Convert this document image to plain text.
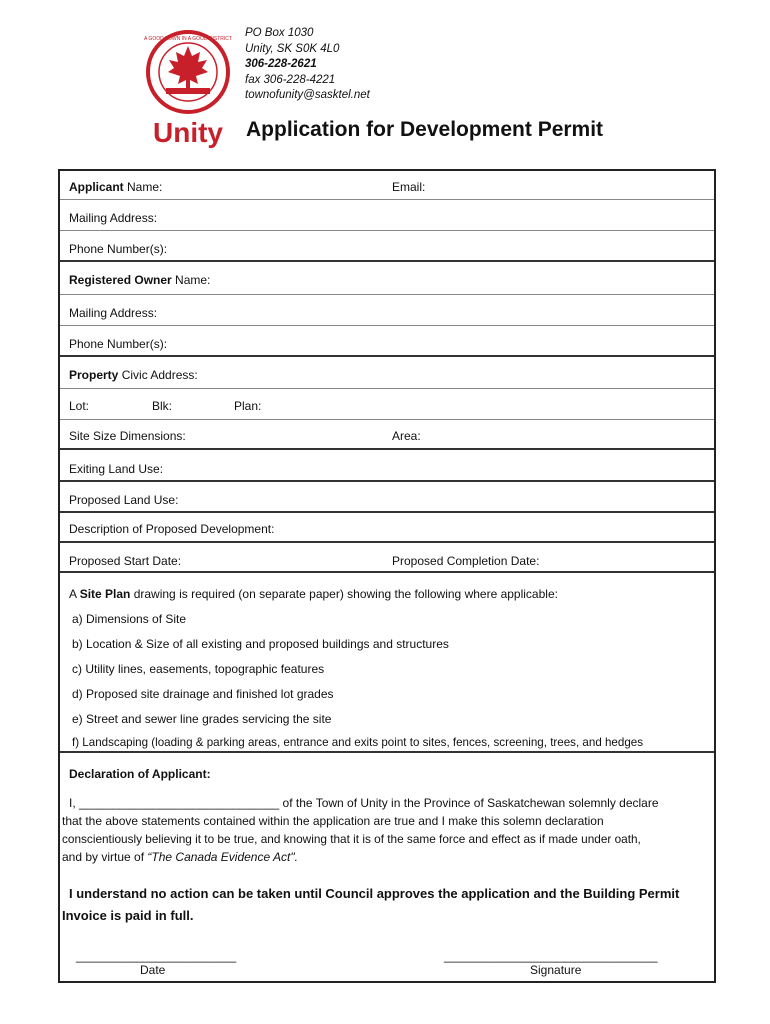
Unity
A GOOD TOWN IN A GOOD DISTRICT PO Box 1030
Unity, SK S0K 4L0
306-228-2621
fax 306-228-4221
townofunity@sasktel.net
Application for Development Permit
Applicant Name:	Email:
Mailing Address:
Phone Number(s):
Registered Owner Name:
Mailing Address:
Phone Number(s):
Property Civic Address:
Lot:	Blk:	Plan:
Site Size Dimensions:	Area:
Exiting Land Use:
Proposed Land Use:
Description of Proposed Development:
Proposed Start Date:	Proposed Completion Date:
A Site Plan drawing is required (on separate paper) showing the following where applicable:
a) Dimensions of Site
b) Location & Size of all existing and proposed buildings and structures
c) Utility lines, easements, topographic features
d) Proposed site drainage and finished lot grades
e) Street and sewer line grades servicing the site
f) Landscaping (loading & parking areas, entrance and exits point to sites, fences, screening, trees, and hedges
Declaration of Applicant:
I, ______________________________ of the Town of Unity in the Province of Saskatchewan solemnly declare
that the above statements contained within the application are true and I make this solemn declaration
conscientiously believing it to be true, and knowing that it is of the same force and effect as if made under oath,
and by virtue of “The Canada Evidence Act".
I understand no action can be taken until Council approves the application and the Building Permit
Invoice is paid in full.
________________________
Date
________________________________
Signature
